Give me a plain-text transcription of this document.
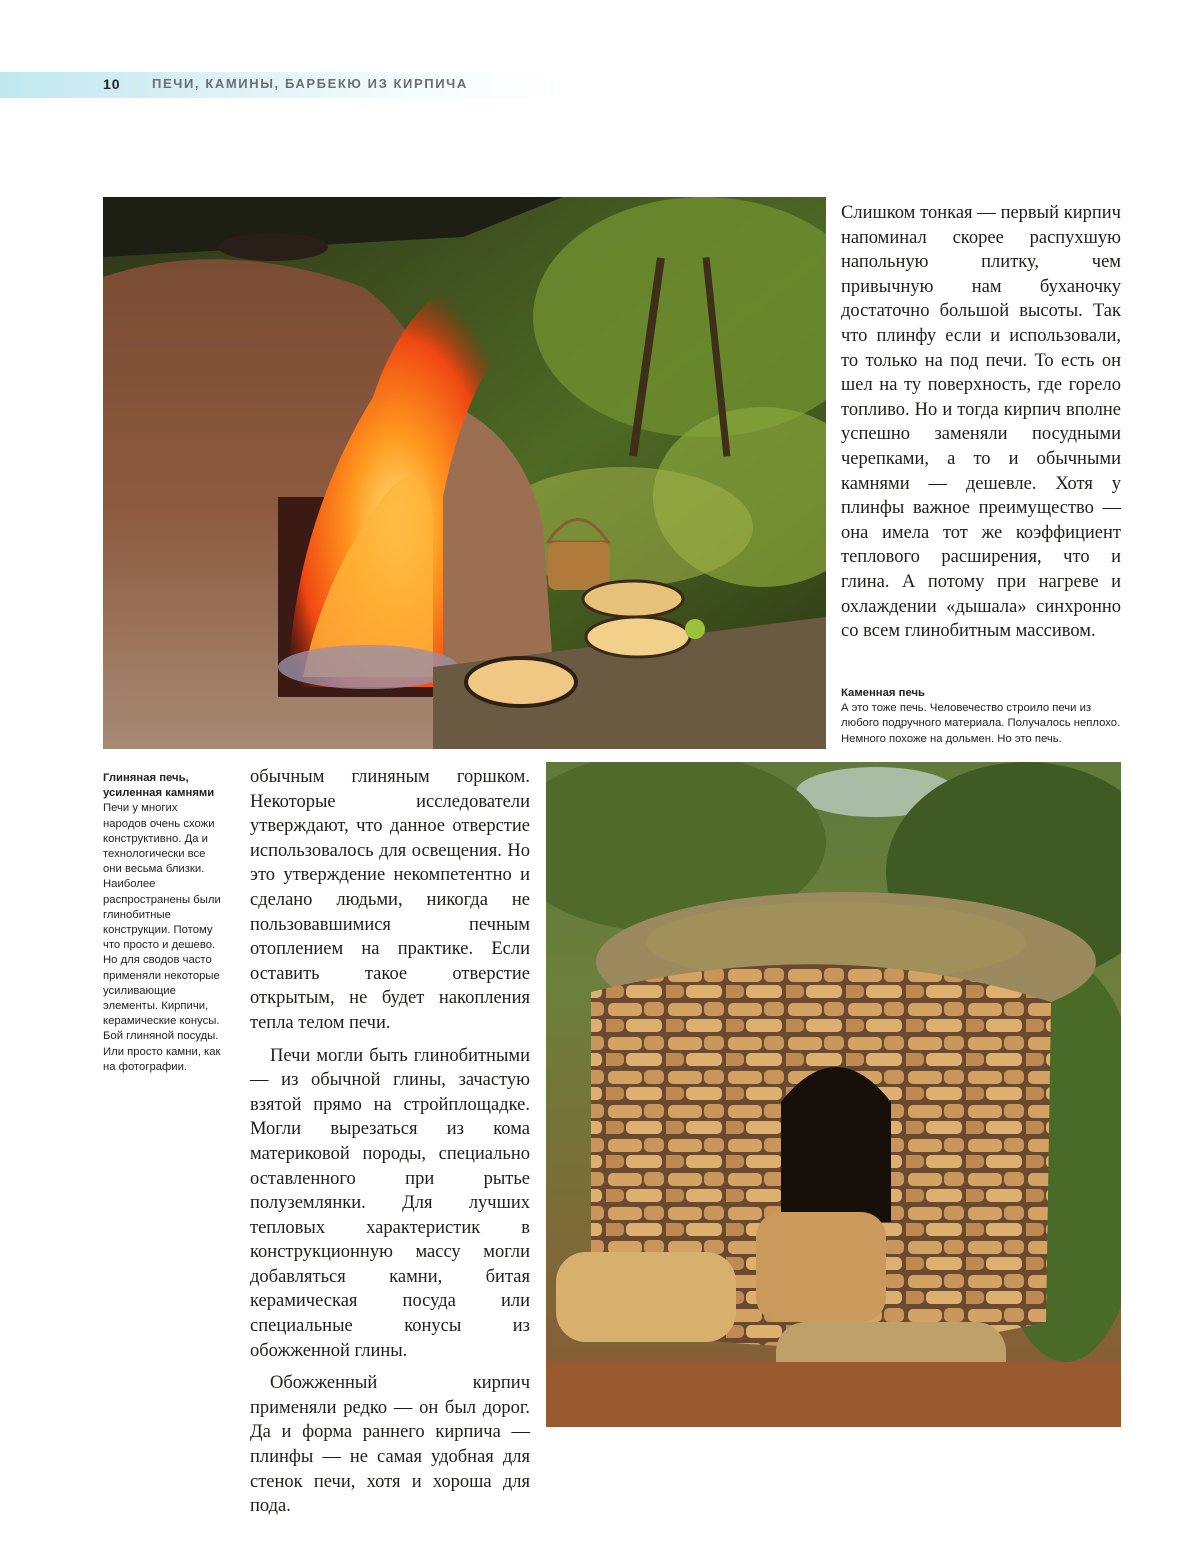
10 ПЕЧИ, КАМИНЫ, БАРБЕКЮ ИЗ КИРПИЧА

Слишком тонкая — первый кирпич напоминал скорее распухшую напольную плитку, чем привычную нам буханочку достаточно большой высоты. Так что плинфу если и использовали, то только на под печи. То есть он шел на ту поверхность, где горело топливо. Но и тогда кирпич вполне успешно заменяли посудными черепками, а то и обычными камнями — дешевле. Хотя у плинфы важное преимущество — она имела тот же коэффициент теплового расширения, что и глина. А потому при нагреве и охлаждении «дышала» синхронно со всем глинобитным массивом.

Каменная печь
А это тоже печь. Человечество строило печи из любого подручного материала. Получалось неплохо. Немного похоже на дольмен. Но это печь.
Глиняная печь, усиленная камнями
Печи у многих народов очень схожи конструктивно. Да и технологически все они весьма близки. Наиболее распространены были глинобитные конструкции. Потому что просто и дешево. Но для сводов часто применяли некоторые усиливающие элементы. Кирпичи, керамические конусы. Бой глиняной посуды. Или просто камни, как на фотографии.

обычным глиняным горшком. Некоторые исследователи утверждают, что данное отверстие использовалось для освещения. Но это утверждение некомпетентно и сделано людьми, никогда не пользовавшимися печным отоплением на практике. Если оставить такое отверстие открытым, не будет накопления тепла телом печи.

Печи могли быть глинобитными — из обычной глины, зачастую взятой прямо на стройплощадке. Могли вырезаться из кома материковой породы, специально оставленного при рытье полуземлянки. Для лучших тепловых характеристик в конструкционную массу могли добавляться камни, битая керамическая посуда или специальные конусы из обожженной глины.

Обожженный кирпич применяли редко — он был дорог. Да и форма раннего кирпича — плинфы — не самая удобная для стенок печи, хотя и хороша для пода.
